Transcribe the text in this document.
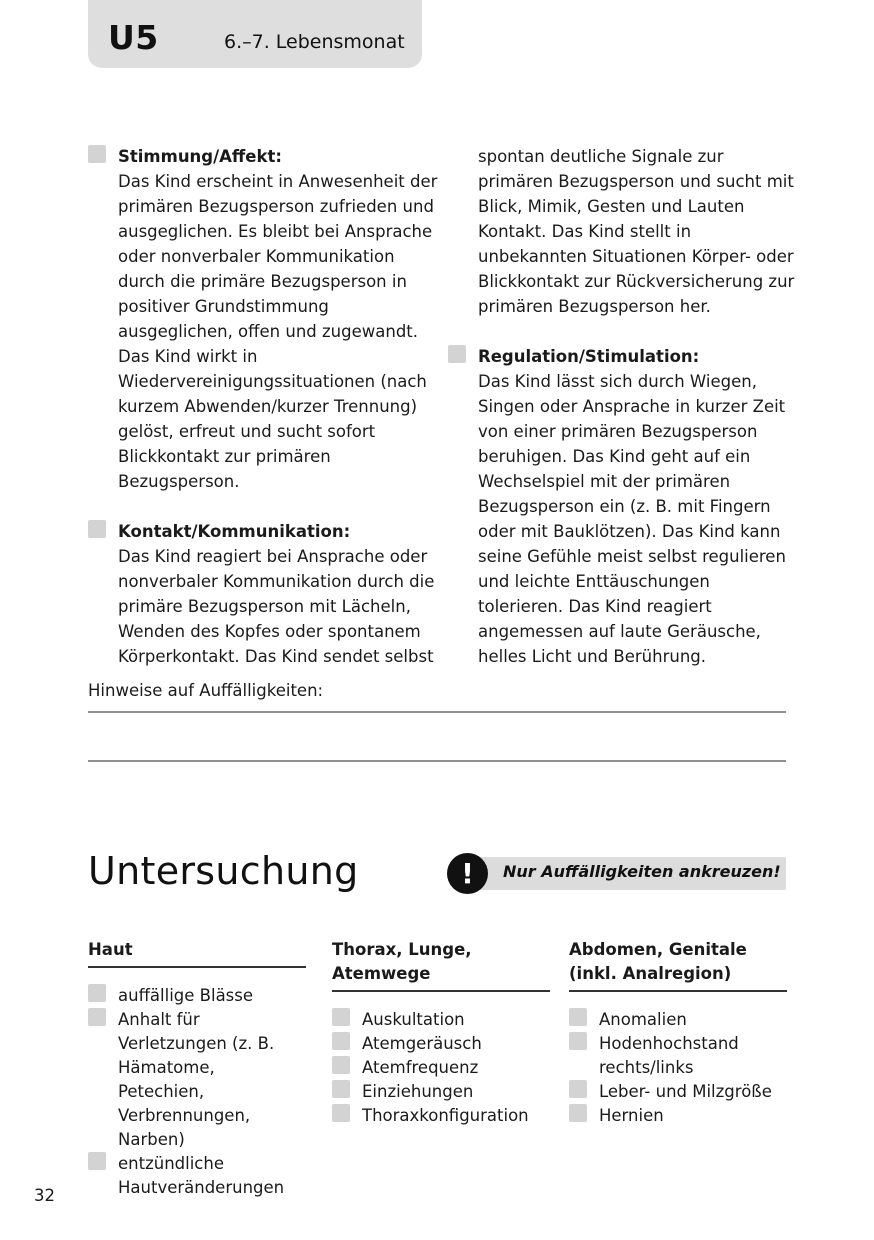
U5	6.–7. Lebensmonat
Stimmung/Affekt:
Das Kind erscheint in Anwesenheit der primären Bezugsperson zufrieden und ausgeglichen. Es bleibt bei Ansprache oder nonverbaler Kommunikation durch die primäre Bezugsperson in positiver Grundstimmung ausgeglichen, offen und zugewandt. Das Kind wirkt in Wiedervereinigungssituationen (nach kurzem Abwenden/kurzer Trennung) gelöst, erfreut und sucht sofort Blickkontakt zur primären Bezugsperson.
Kontakt/Kommunikation:
Das Kind reagiert bei Ansprache oder nonverbaler Kommunikation durch die primäre Bezugsperson mit Lächeln, Wenden des Kopfes oder spontanem Körperkontakt. Das Kind sendet selbst
spontan deutliche Signale zur primären Bezugsperson und sucht mit Blick, Mimik, Gesten und Lauten Kontakt. Das Kind stellt in unbekannten Situationen Körper- oder Blickkontakt zur Rückversicherung zur primären Bezugsperson her.
Regulation/Stimulation:
Das Kind lässt sich durch Wiegen, Singen oder Ansprache in kurzer Zeit von einer primären Bezugsperson beruhigen. Das Kind geht auf ein Wechselspiel mit der primären Bezugsperson ein (z. B. mit Fingern oder mit Bauklötzen). Das Kind kann seine Gefühle meist selbst regulieren und leichte Enttäuschungen tolerieren. Das Kind reagiert angemessen auf laute Geräusche, helles Licht und Berührung.
Hinweise auf Auffälligkeiten:
Untersuchung	!	Nur Auffälligkeiten ankreuzen!
Haut
auffällige Blässe
Anhalt für Verletzungen (z. B. Hämatome, Petechien, Verbrennungen, Narben)
entzündliche Hautveränderungen
Thorax, Lunge, Atemwege
Auskultation
Atemgeräusch
Atemfrequenz
Einziehungen
Thoraxkonfiguration
Abdomen, Genitale (inkl. Analregion)
Anomalien
Hodenhochstand rechts/links
Leber- und Milzgröße
Hernien
32
